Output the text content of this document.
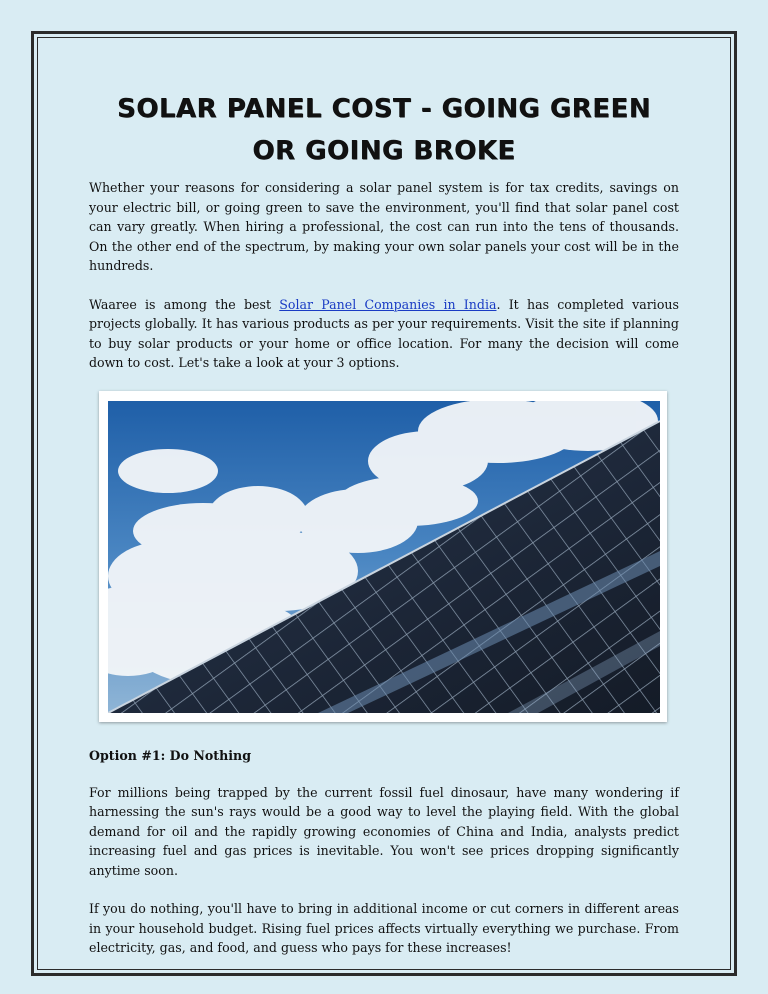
SOLAR PANEL COST - GOING GREEN OR GOING BROKE

Whether your reasons for considering a solar panel system is for tax credits, savings on your electric bill, or going green to save the environment, you'll find that solar panel cost can vary greatly. When hiring a professional, the cost can run into the tens of thousands. On the other end of the spectrum, by making your own solar panels your cost will be in the hundreds.

Waaree is among the best Solar Panel Companies in India. It has completed various projects globally. It has various products as per your requirements. Visit the site if planning to buy solar products or your home or office location. For many the decision will come down to cost. Let's take a look at your 3 options.

Option #1: Do Nothing

For millions being trapped by the current fossil fuel dinosaur, have many wondering if harnessing the sun's rays would be a good way to level the playing field. With the global demand for oil and the rapidly growing economies of China and India, analysts predict increasing fuel and gas prices is inevitable. You won't see prices dropping significantly anytime soon.

If you do nothing, you'll have to bring in additional income or cut corners in different areas in your household budget. Rising fuel prices affects virtually everything we purchase. From electricity, gas, and food, and guess who pays for these increases!
